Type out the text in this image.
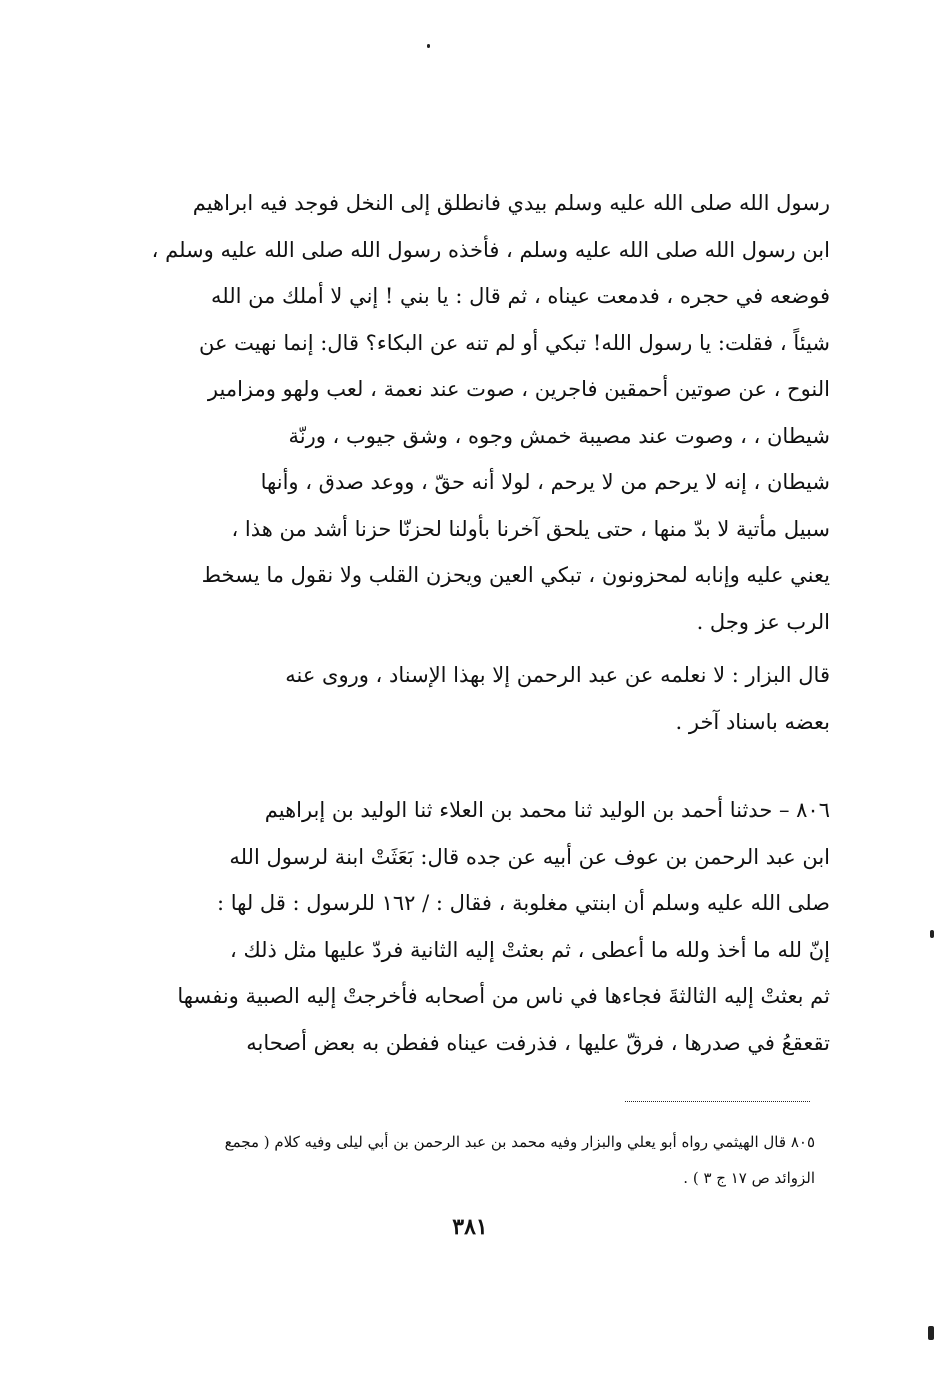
رسول الله صلى الله عليه وسلم بيدي فانطلق إلى النخل فوجد فيه ابراهيم
ابن رسول الله صلى الله عليه وسلم ، فأخذه رسول الله صلى الله عليه وسلم ،
فوضعه في حجره ، فدمعت عيناه ، ثم قال : يا بني ! إني لا أملك من الله
شيئاً ، فقلت: يا رسول الله! تبكي أو لم تنه عن البكاء؟ قال: إنما نهيت عن
النوح ، عن صوتين أحمقين فاجرين ، صوت عند نعمة ، لعب ولهو ومزامير
شيطان ، ، وصوت عند مصيبة خمش وجوه ، وشق جيوب ، ورنّة
شيطان ، إنه لا يرحم من لا يرحم ، لولا أنه حقّ ، ووعد صدق ، وأنها
سبيل مأتية لا بدّ منها ، حتى يلحق آخرنا بأولنا لحزنّا حزنا أشد من هذا ،
يعني عليه وإنابه لمحزونون ، تبكي العين ويحزن القلب ولا نقول ما يسخط
الرب عز وجل .
قال البزار : لا نعلمه عن عبد الرحمن إلا بهذا الإسناد ، وروى عنه
بعضه باسناد آخر .
٨٠٦ – حدثنا أحمد بن الوليد ثنا محمد بن العلاء ثنا الوليد بن إبراهيم
ابن عبد الرحمن بن عوف عن أبيه عن جده قال: بَعَثَتْ ابنة لرسول الله
صلى الله عليه وسلم أن ابنتي مغلوبة ، فقال : / ١٦٢ للرسول : قل لها :
إنّ لله ما أخذ ولله ما أعطى ، ثم بعثتْ إليه الثانية فردّ عليها مثل ذلك ،
ثم بعثتْ إليه الثالثةَ فجاءها في ناس من أصحابه فأخرجتْ إليه الصبية ونفسها
تقعقعُ في صدرها ، فرقّ عليها ، فذرفت عيناه ففطن به بعض أصحابه
٨٠٥ قال الهيثمي رواه أبو يعلي والبزار وفيه محمد بن عبد الرحمن بن أبي ليلى وفيه كلام ( مجمع
الزوائد ص ١٧ ج ٣ ) .
٣٨١
